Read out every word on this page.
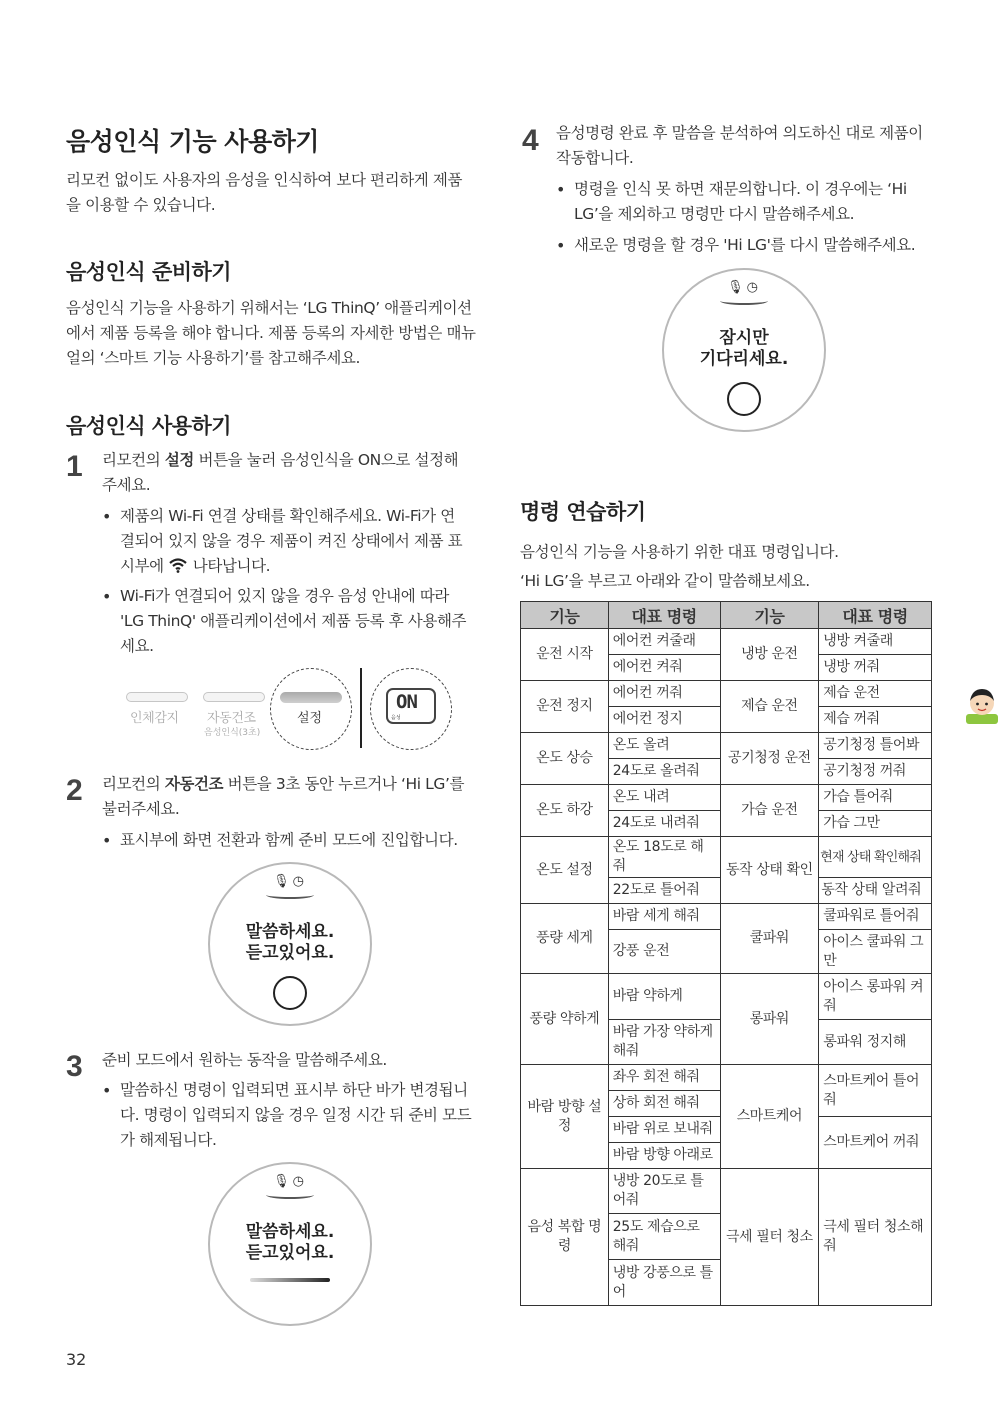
음성인식 기능 사용하기
리모컨 없이도 사용자의 음성을 인식하여 보다 편리하게 제품
을 이용할 수 있습니다.
음성인식 준비하기
음성인식 기능을 사용하기 위해서는 ‘LG ThinQ’ 애플리케이션
에서 제품 등록을 해야 합니다. 제품 등록의 자세한 방법은 매뉴
얼의 ‘스마트 기능 사용하기’를 참고해주세요.
음성인식 사용하기
1 리모컨의 설정 버튼을 눌러 음성인식을 ON으로 설정해
주세요.
• 제품의 Wi-Fi 연결 상태를 확인해주세요. Wi-Fi가 연
결되어 있지 않을 경우 제품이 켜진 상태에서 제품 표
시부에  나타납니다.
• Wi-Fi가 연결되어 있지 않을 경우 음성 안내에 따라
'LG ThinQ' 애플리케이션에서 제품 등록 후 사용해주
세요.
인체감지 자동건조
음성인식(3초)
설정
ON
음성
2 리모컨의 자동건조 버튼을 3초 동안 누르거나 ‘Hi LG’를
불러주세요.
• 표시부에 화면 전환과 함께 준비 모드에 진입합니다.
🎙◷
말씀하세요.
듣고있어요.
3 준비 모드에서 원하는 동작을 말씀해주세요.
• 말씀하신 명령이 입력되면 표시부 하단 바가 변경됩니
다. 명령이 입력되지 않을 경우 일정 시간 뒤 준비 모드
가 해제됩니다.
🎙◷
말씀하세요.
듣고있어요.
32
4 음성명령 완료 후 말씀을 분석하여 의도하신 대로 제품이
작동합니다.
• 명령을 인식 못 하면 재문의합니다. 이 경우에는 ‘Hi
LG’을 제외하고 명령만 다시 말씀해주세요.
• 새로운 명령을 할 경우 'Hi LG'를 다시 말씀해주세요.
🎙◷
잠시만
기다리세요.
명령 연습하기
음성인식 기능을 사용하기 위한 대표 명령입니다.
‘Hi LG’을 부르고 아래와 같이 말씀해보세요.
기능	대표 명령	기능	대표 명령
운전 시작	에어컨 켜줄래	냉방 운전	냉방 켜줄래
	에어컨 켜줘		냉방 꺼줘
운전 정지	에어컨 꺼줘	제습 운전	제습 운전
	에어컨 정지		제습 꺼줘
온도 상승	온도 올려	공기청정 운전	공기청정 틀어봐
	24도로 올려줘		공기청정 꺼줘
온도 하강	온도 내려	가습 운전	가습 틀어줘
	24도로 내려줘		가습 그만
온도 설정	온도 18도로 해줘	동작 상태 확인	현재 상태 확인해줘
	22도로 틀어줘		동작 상태 알려줘
풍량 세게	바람 세게 해줘	쿨파워	쿨파워로 틀어줘
	강풍 운전		아이스 쿨파워 그만
풍량 약하게	바람 약하게	롱파워	아이스 롱파워 켜줘
	바람 가장 약하게 해줘		롱파워 정지해
바람 방향 설정	좌우 회전 해줘	스마트케어	스마트케어 틀어줘
	상하 회전 해줘		
	바람 위로 보내줘		스마트케어 꺼줘
	바람 방향 아래로		
음성 복합 명령	냉방 20도로 틀어줘	극세 필터 청소	극세 필터 청소해줘
	25도 제습으로 해줘		
	냉방 강풍으로 틀어		
